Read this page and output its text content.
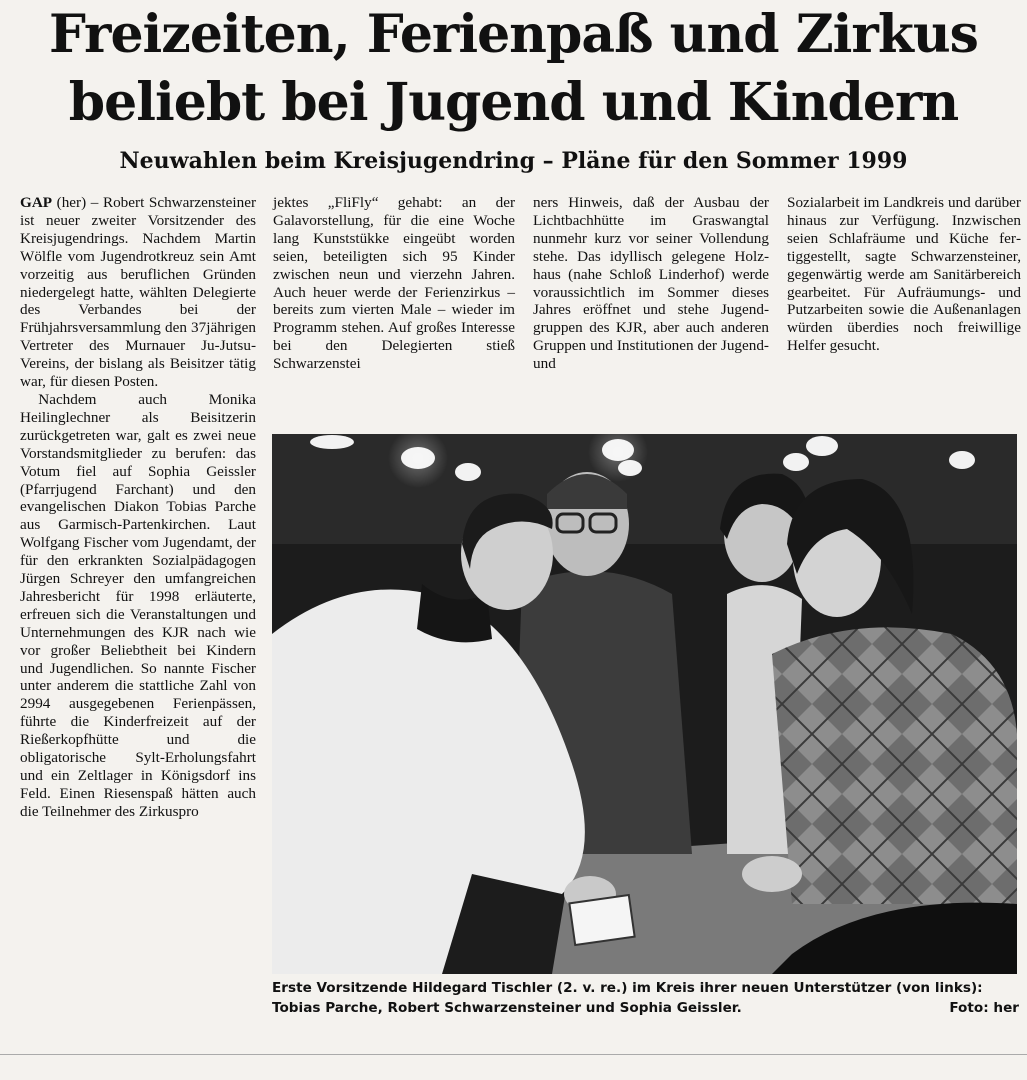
Freizeiten, Ferienpaß und Zirkus
beliebt bei Jugend und Kindern
Neuwahlen beim Kreisjugendring – Pläne für den Sommer 1999

GAP (her) – Robert Schwarzensteiner ist neuer zweiter Vorsitzender des Kreisjugendrings. Nachdem Martin Wölfle vom Jugendrotkreuz sein Amt vorzeitig aus beruflichen Gründen niedergelegt hatte, wählten Delegierte des Verbandes bei der Frühjahrsversammlung den 37jährigen Vertreter des Murnauer Ju-Jutsu-Vereins, der bislang als Beisitzer tätig war, für diesen Posten.

Nachdem auch Monika Heilinglechner als Beisitzerin zurückgetreten war, galt es zwei neue Vorstandsmitglieder zu berufen: das Votum fiel auf Sophia Geissler (Pfarrjugend Farchant) und den evangelischen Diakon Tobias Parche aus Garmisch-Partenkirchen. Laut Wolfgang Fischer vom Jugendamt, der für den erkrankten Sozialpädagogen Jürgen Schreyer den umfangreichen Jahresbericht für 1998 erläuterte, erfreuen sich die Veranstaltungen und Unternehmungen des KJR nach wie vor großer Beliebtheit bei Kindern und Jugendlichen. So nannte Fischer unter anderem die stattliche Zahl von 2994 ausgegebenen Ferienpässen, führte die Kinderfreizeit auf der Rießerkopfhütte und die obligatorische Sylt-Erholungsfahrt und ein Zeltlager in Königsdorf ins Feld. Einen Riesenspaß hätten auch die Teilnehmer des Zirkuspro

jektes „FliFly“ gehabt: an der Galavorstellung, für die eine Woche lang Kunststükke eingeübt worden seien, beteiligten sich 95 Kinder zwischen neun und vierzehn Jahren. Auch heuer werde der Ferienzirkus – bereits zum vierten Male – wieder im Programm stehen. Auf großes Interesse bei den Delegierten stieß Schwarzenstei

ners Hinweis, daß der Ausbau der Lichtbachhütte im Graswangtal nunmehr kurz vor seiner Vollendung stehe. Das idyllisch gelegene Holzhaus (nahe Schloß Linderhof) werde voraussichtlich im Sommer dieses Jahres eröffnet und stehe Jugendgruppen des KJR, aber auch anderen Gruppen und Institutionen der Jugend- und

Sozialarbeit im Landkreis und darüber hinaus zur Verfügung. Inzwischen seien Schlafräume und Küche fertiggestellt, sagte Schwarzensteiner, gegenwärtig werde am Sanitärbereich gearbeitet. Für Aufräumungs- und Putzarbeiten sowie die Außenanlagen würden überdies noch freiwillige Helfer gesucht.

Erste Vorsitzende Hildegard Tischler (2. v. re.) im Kreis ihrer neuen Unterstützer (von links): Tobias Parche, Robert Schwarzensteiner und Sophia Geissler.	Foto: her
